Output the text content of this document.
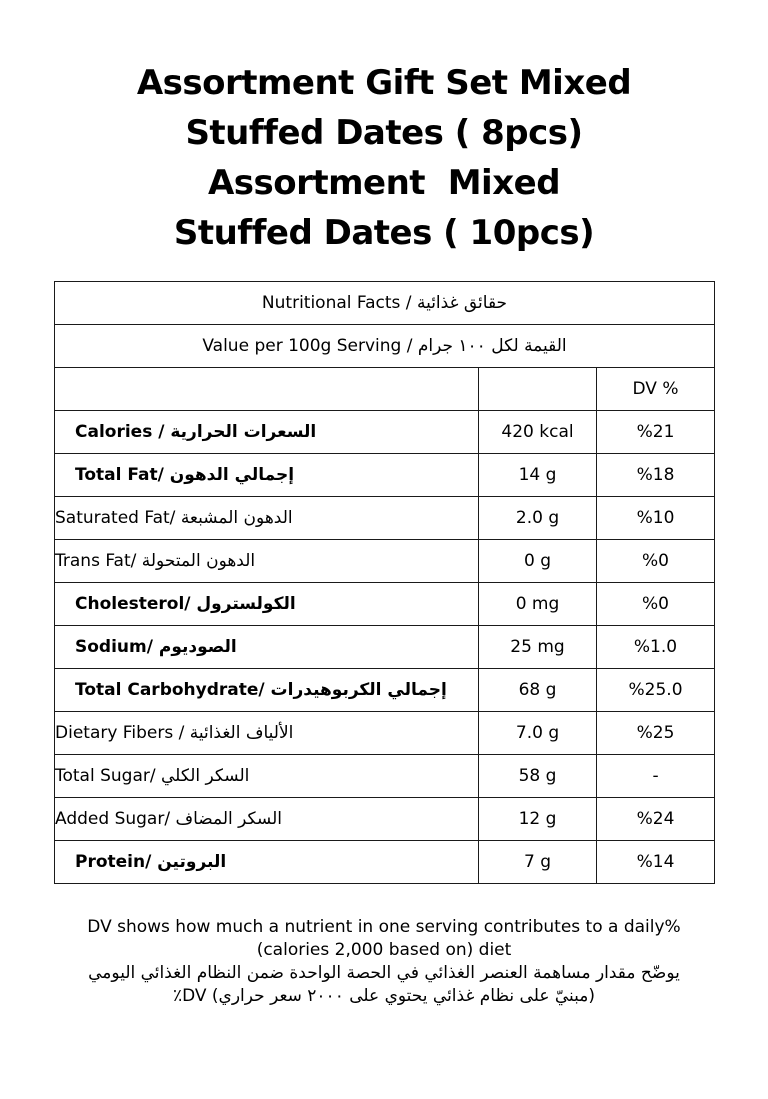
Assortment Gift Set Mixed
Stuffed Dates ( 8pcs)
Assortment  Mixed
Stuffed Dates ( 10pcs)
Nutritional Facts / حقائق غذائية		
Value per 100g Serving / القيمة لكل ١٠٠ جرام		
		DV %
Calories / السعرات الحرارية	420 kcal	%21
Total Fat/ إجمالي الدهون	14 g	%18
Saturated Fat/ الدهون المشبعة	2.0 g	%10
Trans Fat/ الدهون المتحولة	0 g	%0
Cholesterol/ الكولسترول	0 mg	%0
Sodium/ الصوديوم	25 mg	%1.0
Total Carbohydrate/ إجمالي الكربوهيدرات	68 g	%25.0
Dietary Fibers / الألياف الغذائية	7.0 g	%25
Total Sugar/ السكر الكلي	58 g	-
Added Sugar/ السكر المضاف	12 g	%24
Protein/ البروتين	7 g	%14
DV shows how much a nutrient in one serving contributes to a daily%
(calories 2,000 based on) diet
يوضّح مقدار مساهمة العنصر الغذائي في الحصة الواحدة ضمن النظام الغذائي اليومي
(مبنيّ على نظام غذائي يحتوي على ٢٠٠٠ سعر حراري) DV٪
